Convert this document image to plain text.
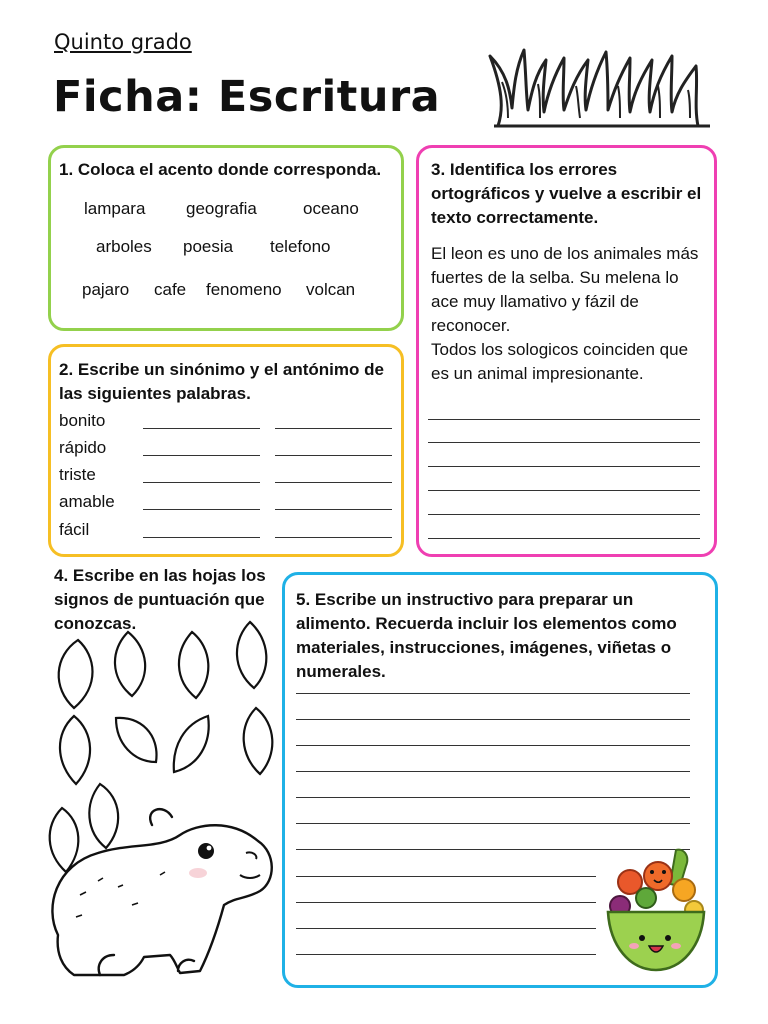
Quinto grado
Ficha: Escritura
1. Coloca el acento donde corresponda.
lampara geografia	oceano
arboles poesia telefono
pajaro cafe fenomeno volcan
2. Escribe un sinónimo y el antónimo de las siguientes palabras.
bonito
rápido
triste
amable
fácil
3. Identifica los errores ortográficos y vuelve a escribir el texto correctamente.
El leon es uno de los animales más
fuertes de la selba. Su melena lo
ace muy llamativo y fázil de
reconocer.
Todos los sologicos coinciden que
es un animal impresionante.
4. Escribe en las hojas los signos de puntuación que conozcas.
5. Escribe un instructivo para preparar un alimento. Recuerda incluir los elementos como materiales, instrucciones, imágenes, viñetas o numerales.
